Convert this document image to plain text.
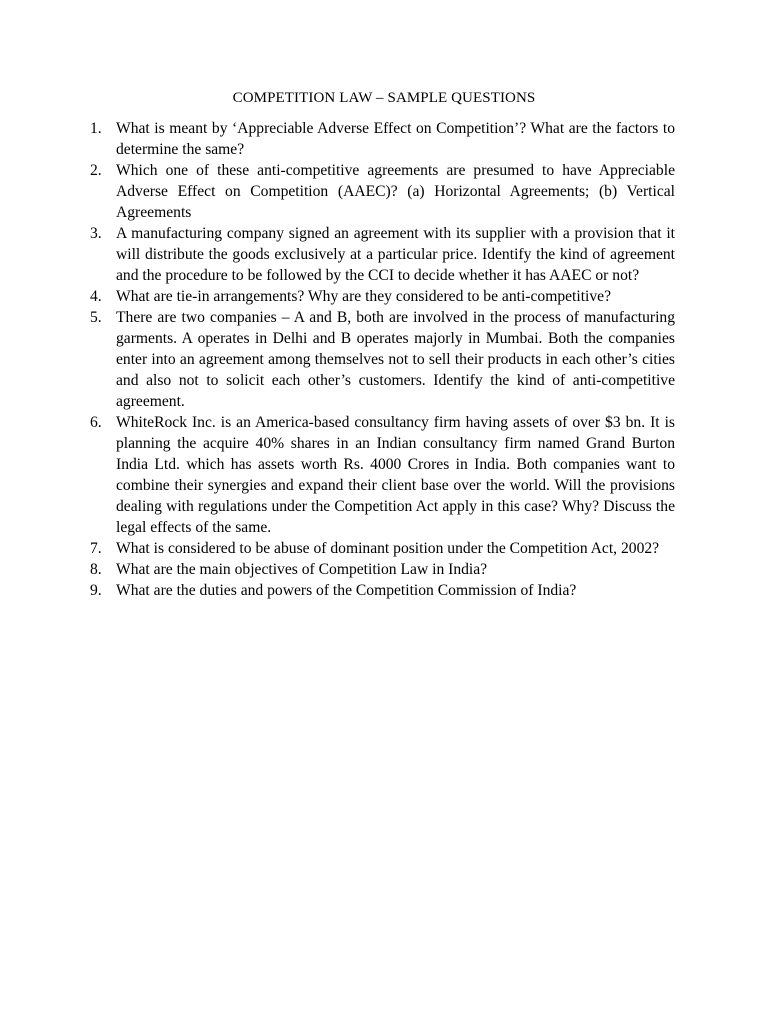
COMPETITION LAW – SAMPLE QUESTIONS
1. What is meant by ‘Appreciable Adverse Effect on Competition’? What are the factors to determine the same?
2. Which one of these anti-competitive agreements are presumed to have Appreciable Adverse Effect on Competition (AAEC)? (a) Horizontal Agreements; (b) Vertical Agreements
3. A manufacturing company signed an agreement with its supplier with a provision that it will distribute the goods exclusively at a particular price. Identify the kind of agreement and the procedure to be followed by the CCI to decide whether it has AAEC or not?
4. What are tie-in arrangements? Why are they considered to be anti-competitive?
5. There are two companies – A and B, both are involved in the process of manufacturing garments. A operates in Delhi and B operates majorly in Mumbai. Both the companies enter into an agreement among themselves not to sell their products in each other’s cities and also not to solicit each other’s customers. Identify the kind of anti-competitive agreement.
6. WhiteRock Inc. is an America-based consultancy firm having assets of over $3 bn. It is planning the acquire 40% shares in an Indian consultancy firm named Grand Burton India Ltd. which has assets worth Rs. 4000 Crores in India. Both companies want to combine their synergies and expand their client base over the world. Will the provisions dealing with regulations under the Competition Act apply in this case? Why? Discuss the legal effects of the same.
7. What is considered to be abuse of dominant position under the Competition Act, 2002?
8. What are the main objectives of Competition Law in India?
9. What are the duties and powers of the Competition Commission of India?
